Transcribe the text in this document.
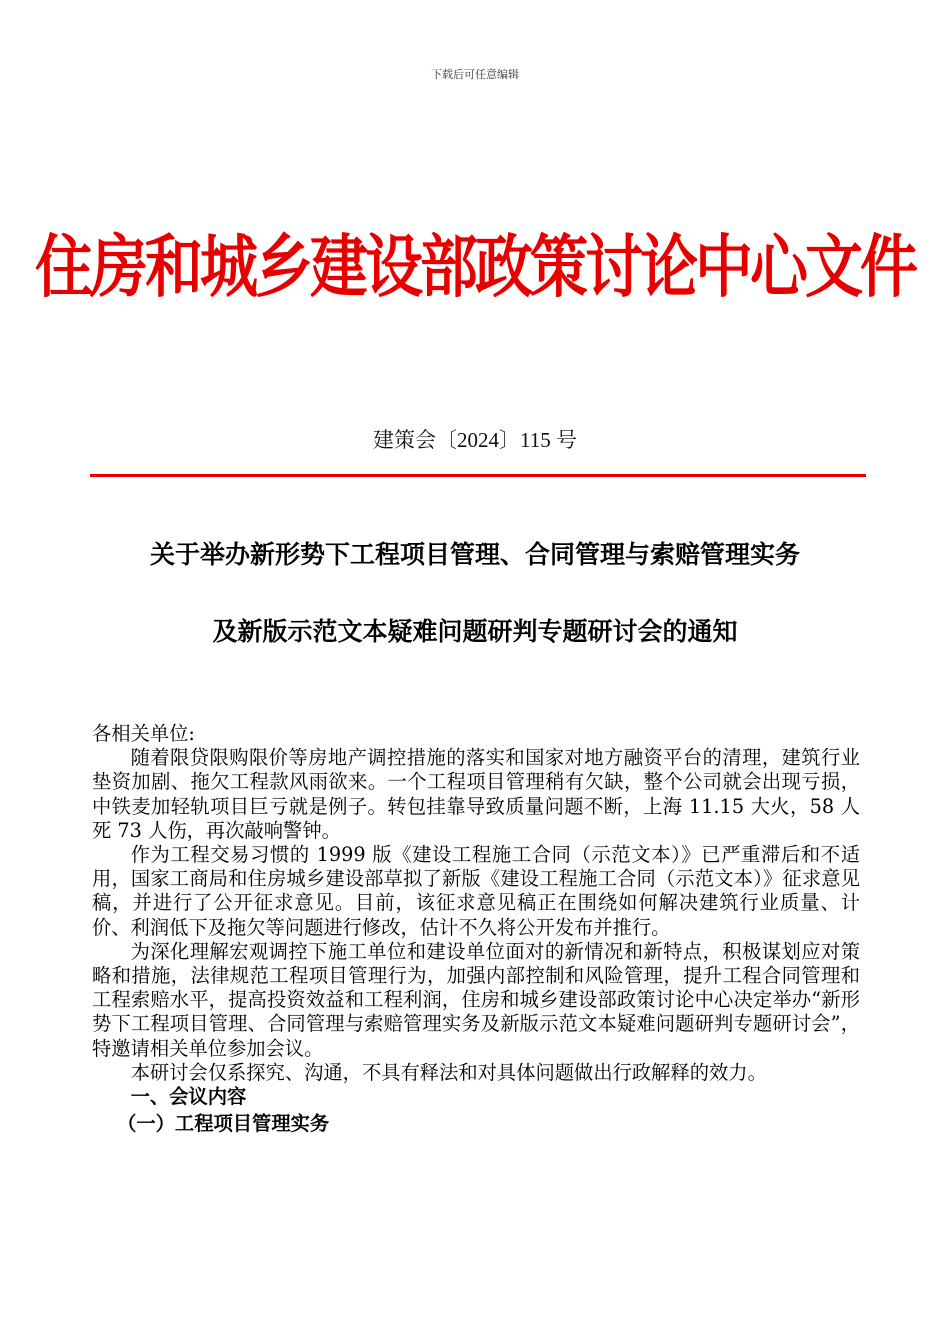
下载后可任意编辑
住房和城乡建设部政策讨论中心文件
建策会〔2024〕115 号
关于举办新形势下工程项目管理、合同管理与索赔管理实务
及新版示范文本疑难问题研判专题研讨会的通知

各相关单位:

随着限贷限购限价等房地产调控措施的落实和国家对地方融资平台的清理，建筑行业垫资加剧、拖欠工程款风雨欲来。一个工程项目管理稍有欠缺，整个公司就会出现亏损，中铁麦加轻轨项目巨亏就是例子。转包挂靠导致质量问题不断，上海 11.15 大火，58 人死 73 人伤，再次敲响警钟。

作为工程交易习惯的 1999 版《建设工程施工合同（示范文本）》已严重滞后和不适用，国家工商局和住房城乡建设部草拟了新版《建设工程施工合同（示范文本）》征求意见稿，并进行了公开征求意见。目前，该征求意见稿正在围绕如何解决建筑行业质量、计价、利润低下及拖欠等问题进行修改，估计不久将公开发布并推行。

为深化理解宏观调控下施工单位和建设单位面对的新情况和新特点，积极谋划应对策略和措施，法律规范工程项目管理行为，加强内部控制和风险管理，提升工程合同管理和工程索赔水平，提高投资效益和工程利润，住房和城乡建设部政策讨论中心决定举办“新形势下工程项目管理、合同管理与索赔管理实务及新版示范文本疑难问题研判专题研讨会”，特邀请相关单位参加会议。

本研讨会仅系探究、沟通，不具有释法和对具体问题做出行政解释的效力。

一、会议内容

（一）工程项目管理实务
